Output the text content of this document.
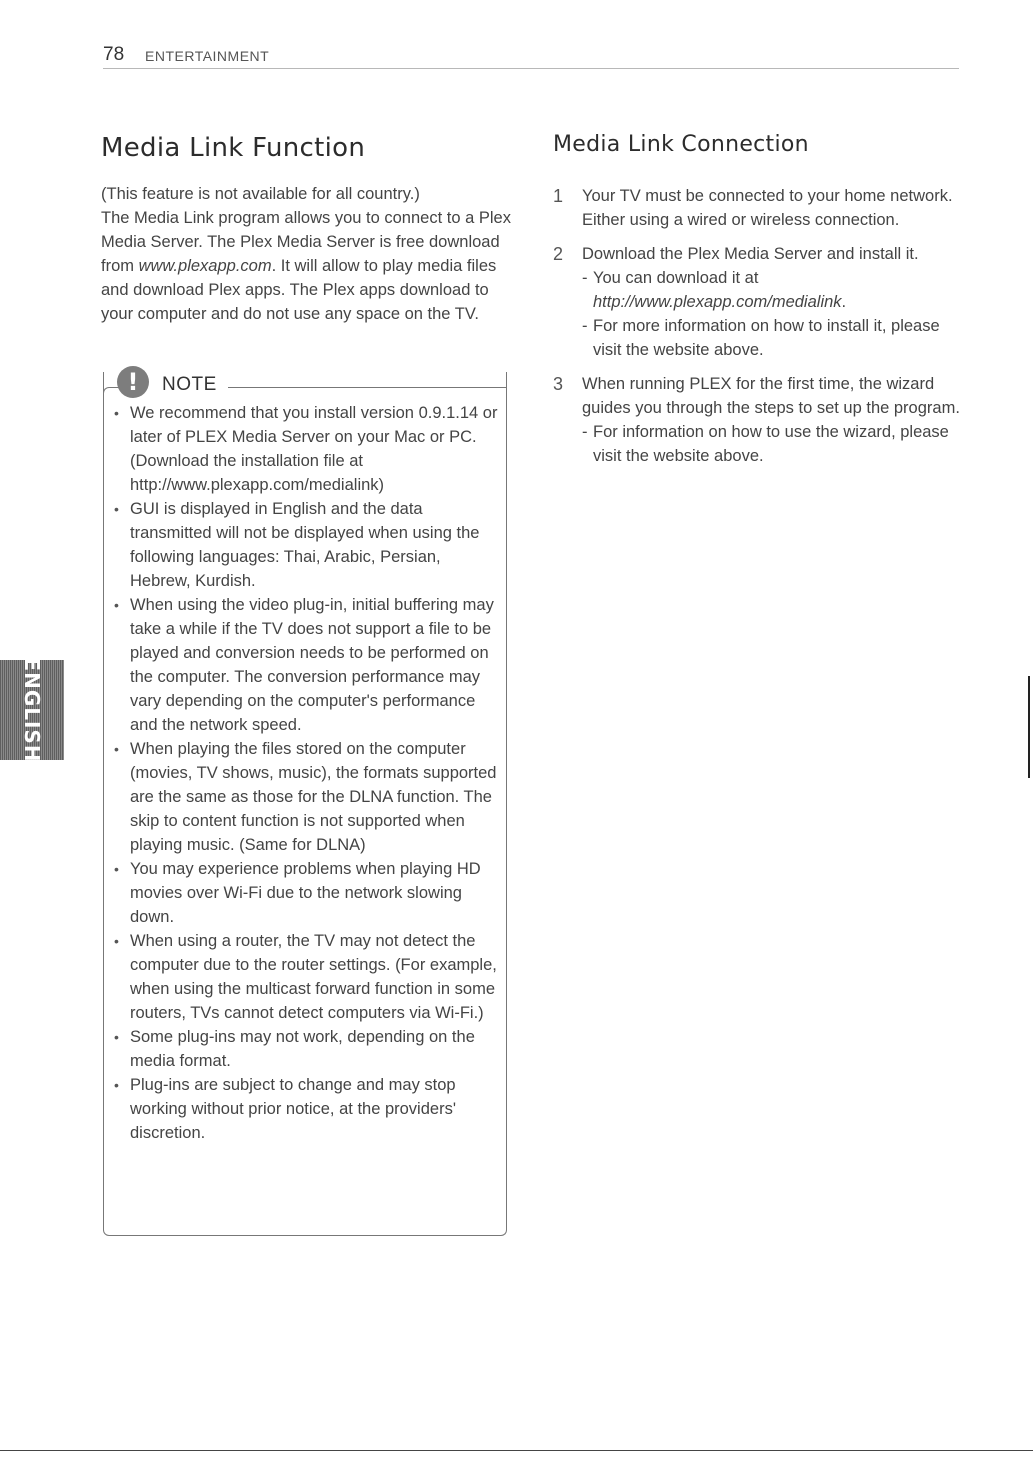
78 ENTERTAINMENT
Media Link Function

(This feature is not available for all country.)

The Media Link program allows you to connect to a Plex Media Server. The Plex Media Server is free download from www.plexapp.com. It will allow to play media files and download Plex apps. The Plex apps download to your computer and do not use any space on the TV.

!	NOTE
• We recommend that you install version 0.9.1.14 or later of PLEX Media Server on your Mac or PC. (Download the installation file at http://www.plexapp.com/medialink)
• GUI is displayed in English and the data transmitted will not be displayed when using the following languages: Thai, Arabic, Persian, Hebrew, Kurdish.
• When using the video plug-in, initial buffering may take a while if the TV does not support a file to be played and conversion needs to be performed on the computer. The conversion performance may vary depending on the computer's performance and the network speed.
• When playing the files stored on the computer (movies, TV shows, music), the formats supported are the same as those for the DLNA function. The skip to content function is not supported when playing music. (Same for DLNA)
• You may experience problems when playing HD movies over Wi-Fi due to the network slowing down.
• When using a router, the TV may not detect the computer due to the router settings. (For example, when using the multicast forward function in some routers, TVs cannot detect computers via Wi-Fi.)
• Some plug-ins may not work, depending on the media format.
• Plug-ins are subject to change and may stop working without prior notice, at the providers' discretion.
Media Link Connection
1 Your TV must be connected to your home network. Either using a wired or wireless connection.
2 Download the Plex Media Server and install it.
- You can download it at http://www.plexapp.com/medialink.
- For more information on how to install it, please visit the website above.
3 When running PLEX for the first time, the wizard guides you through the steps to set up the program.
- For information on how to use the wizard, please visit the website above.
ENGLISH
